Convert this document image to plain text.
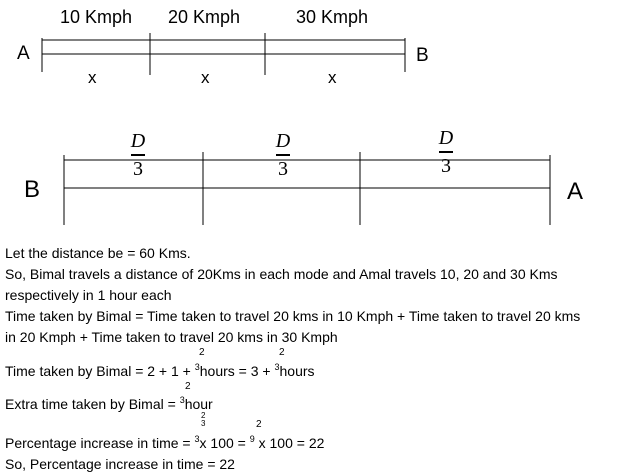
10 Kmph 20 Kmph	30 Kmph
A	B
x	x	x
B	A
D
3
D
3
D
3
Let the distance be = 60 Kms.
So, Bimal travels a distance of 20Kms in each mode and Amal travels 10, 20 and 30 Kms
respectively in 1 hour each
Time taken by Bimal = Time taken to travel 20 kms in 10 Kmph + Time taken to travel 20 kms
in 20 Kmph + Time taken to travel 20 kms in 30 Kmph
2	2
Time taken by Bimal = 2 + 1 + $^3$hours = 3 + $^3$hours
2
Extra time taken by Bimal = $^3$hour
2
3	2
Percentage increase in time = $^3$x 100 = $^9$ x 100 = 22
So, Percentage increase in time = 22
